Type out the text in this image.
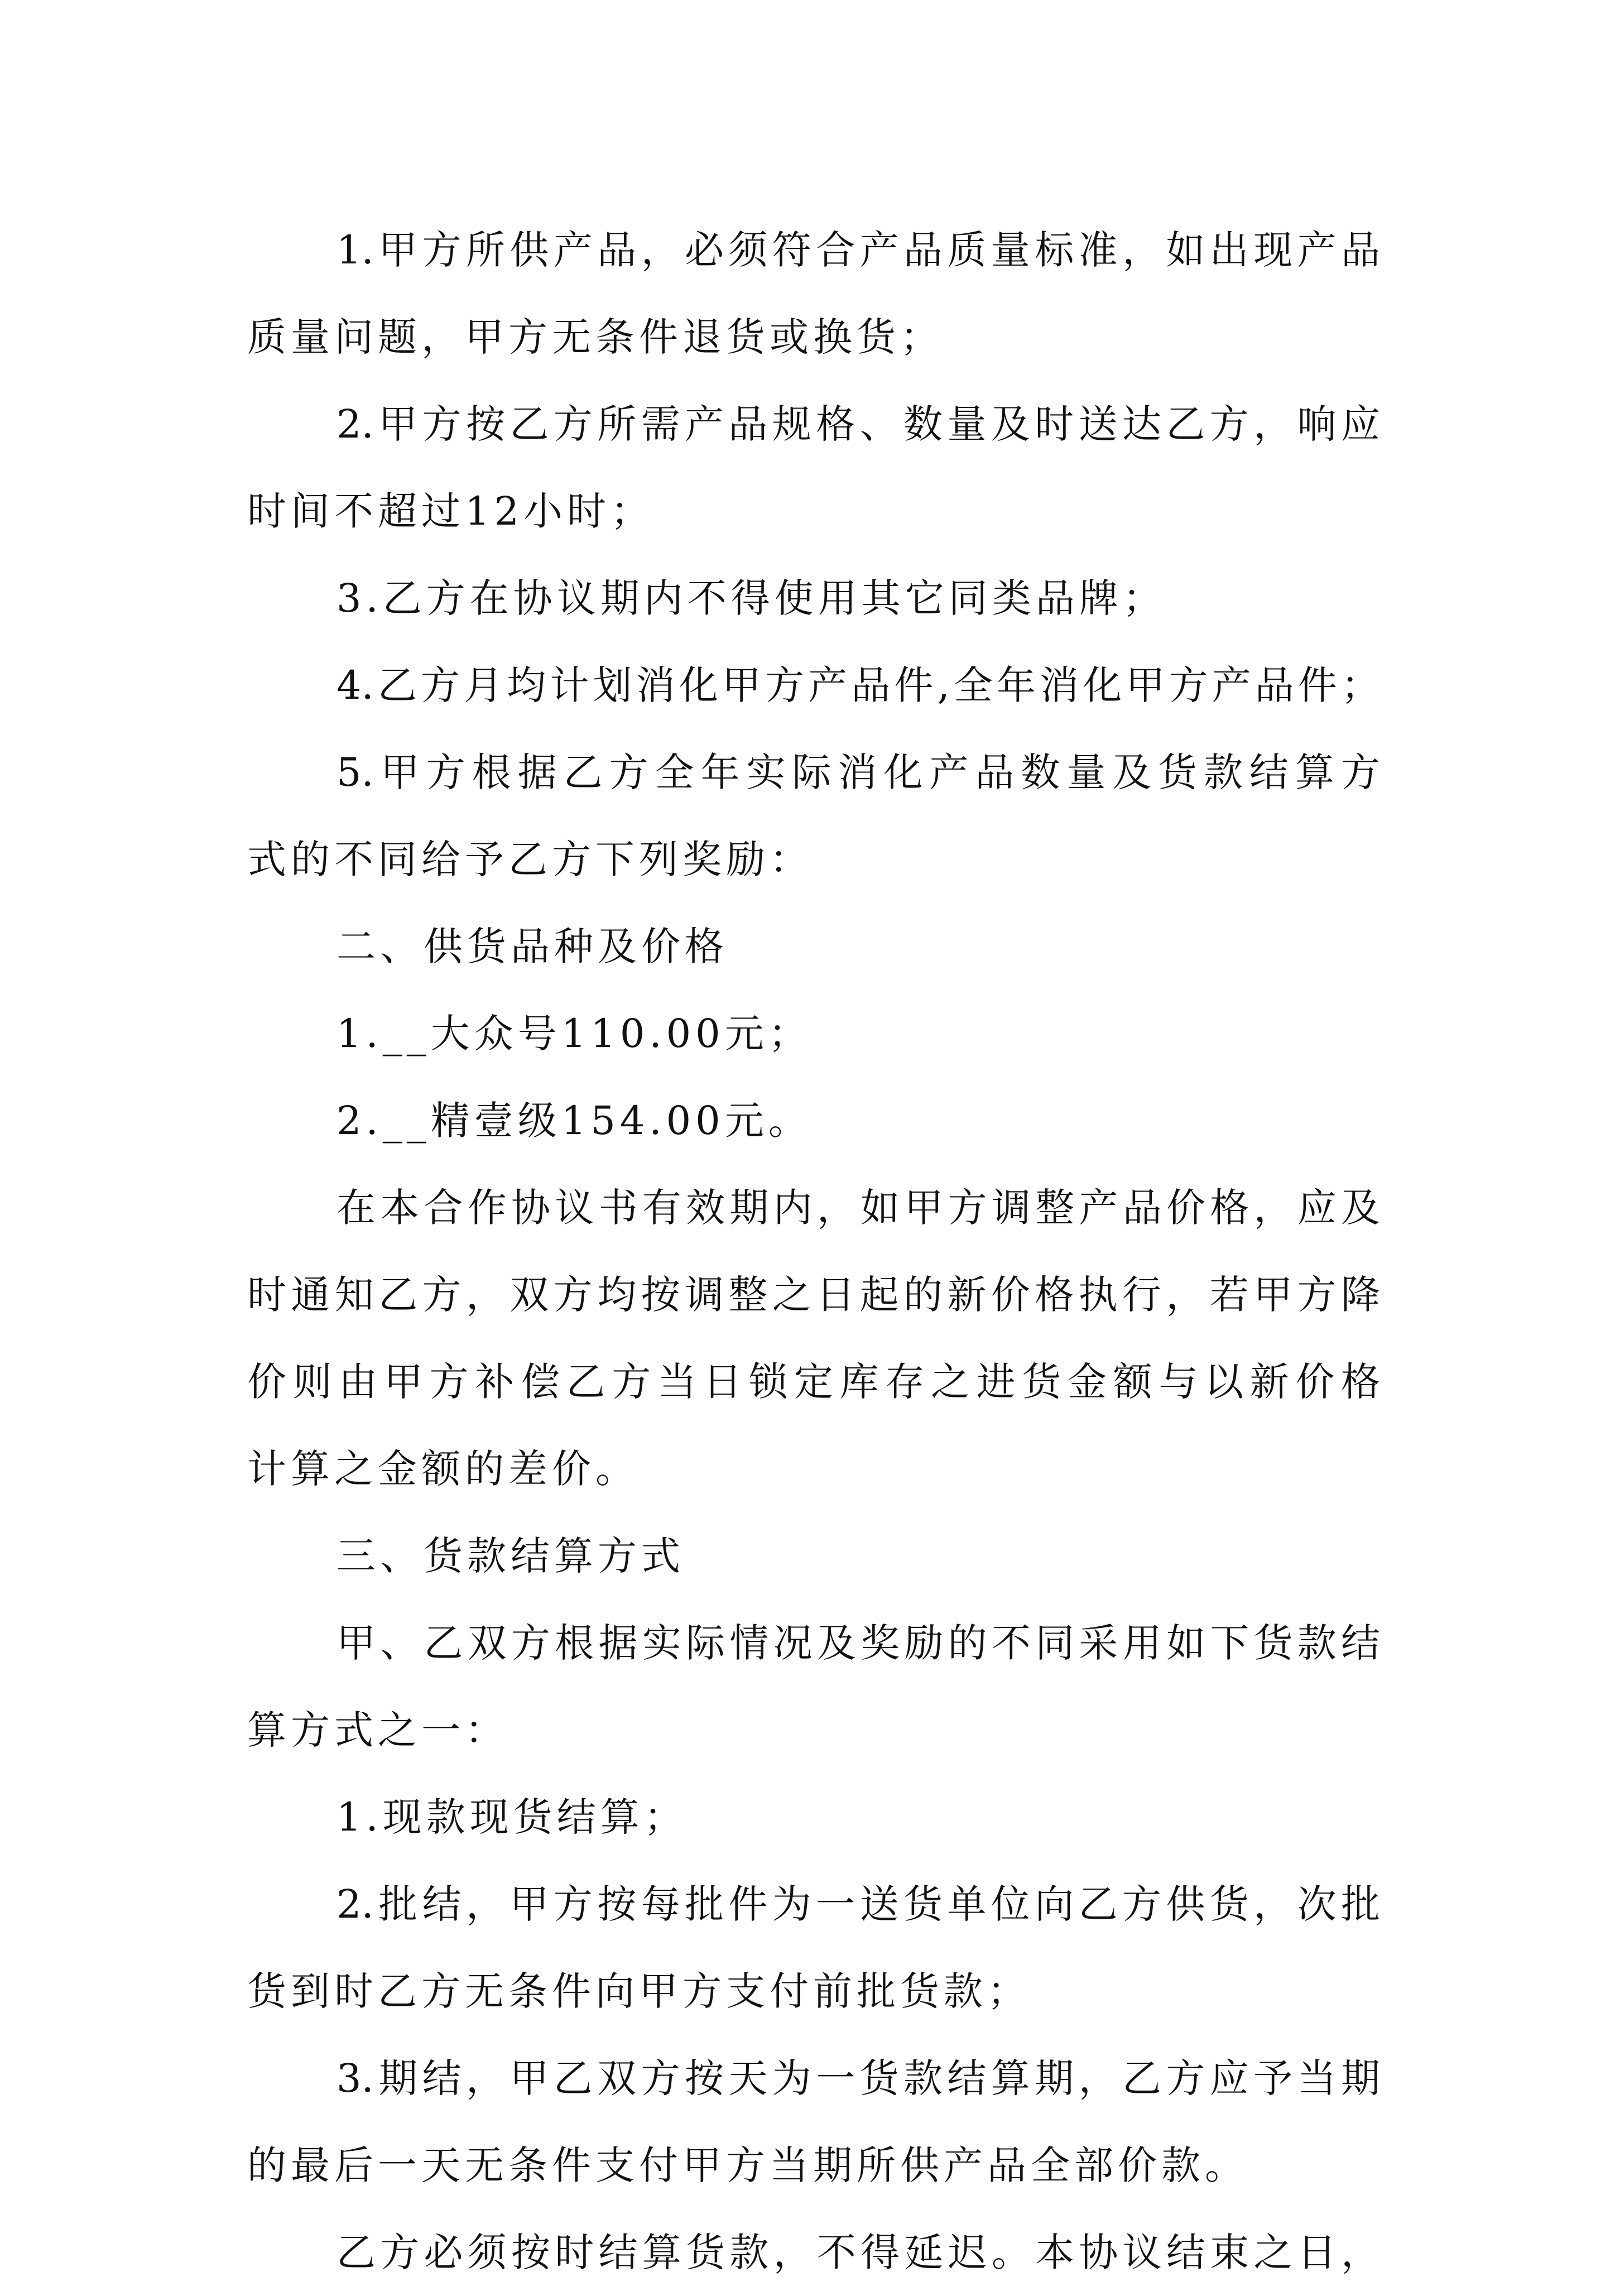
1.甲方所供产品，必须符合产品质量标准，如出现产品
质量问题，甲方无条件退货或换货；
2.甲方按乙方所需产品规格、数量及时送达乙方，响应
时间不超过12小时；
3.乙方在协议期内不得使用其它同类品牌；
4.乙方月均计划消化甲方产品件,全年消化甲方产品件；
5.甲方根据乙方全年实际消化产品数量及货款结算方
式的不同给予乙方下列奖励：
二、供货品种及价格
1.__大众号110.00元；
2.__精壹级154.00元。
在本合作协议书有效期内，如甲方调整产品价格，应及
时通知乙方，双方均按调整之日起的新价格执行，若甲方降
价则由甲方补偿乙方当日锁定库存之进货金额与以新价格
计算之金额的差价。
三、货款结算方式
甲、乙双方根据实际情况及奖励的不同采用如下货款结
算方式之一：
1.现款现货结算；
2.批结，甲方按每批件为一送货单位向乙方供货，次批
货到时乙方无条件向甲方支付前批货款；
3.期结，甲乙双方按天为一货款结算期，乙方应予当期
的最后一天无条件支付甲方当期所供产品全部价款。
乙方必须按时结算货款，不得延迟。本协议结束之日，
